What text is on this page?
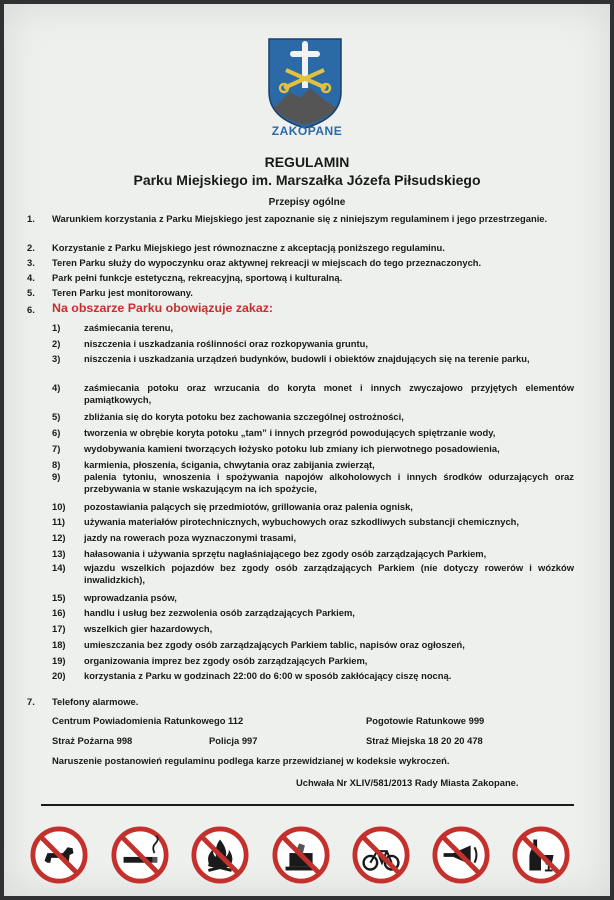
ZAKOPANE
REGULAMIN
Parku Miejskiego im. Marszałka Józefa Piłsudskiego
Przepisy ogólne
1. Warunkiem korzystania z Parku Miejskiego jest zapoznanie się z niniejszym regulaminem i jego przestrzeganie.
2. Korzystanie z Parku Miejskiego jest równoznaczne z akceptacją poniższego regulaminu.
3. Teren Parku służy do wypoczynku oraz aktywnej rekreacji w miejscach do tego przeznaczonych.
4. Park pełni funkcje estetyczną, rekreacyjną, sportową i kulturalną.
5. Teren Parku jest monitorowany.
6. Na obszarze Parku obowiązuje zakaz:
1)	zaśmiecania terenu,
2)	niszczenia i uszkadzania roślinności oraz rozkopywania gruntu,
3)	niszczenia i uszkadzania urządzeń budynków, budowli i obiektów znajdujących się na terenie parku,
4)	zaśmiecania potoku oraz wrzucania do koryta monet i innych zwyczajowo przyjętych elementów pamiątkowych,
5)	zbliżania się do koryta potoku bez zachowania szczególnej ostrożności,
6)	tworzenia w obrębie koryta potoku „tam” i innych przegród powodujących spiętrzanie wody,
7)	wydobywania kamieni tworzących łożysko potoku lub zmiany ich pierwotnego posadowienia,
8)	karmienia, płoszenia, ścigania, chwytania oraz zabijania zwierząt,
9)	palenia tytoniu, wnoszenia i spożywania napojów alkoholowych i innych środków odurzających oraz przebywania w stanie wskazującym na ich spożycie,
10) pozostawiania palących się przedmiotów, grillowania oraz palenia ognisk,
11) używania materiałów pirotechnicznych, wybuchowych oraz szkodliwych substancji chemicznych,
12) jazdy na rowerach poza wyznaczonymi trasami,
13) hałasowania i używania sprzętu nagłaśniającego bez zgody osób zarządzających Parkiem,
14) wjazdu wszelkich pojazdów bez zgody osób zarządzających Parkiem (nie dotyczy rowerów i wózków inwalidzkich),
15) wprowadzania psów,
16) handlu i usług bez zezwolenia osób zarządzających Parkiem,
17) wszelkich gier hazardowych,
18) umieszczania bez zgody osób zarządzających Parkiem tablic, napisów oraz ogłoszeń,
19) organizowania imprez bez zgody osób zarządzających Parkiem,
20) korzystania z Parku w godzinach 22:00 do 6:00 w sposób zakłócający ciszę nocną.
7. Telefony alarmowe.
Centrum Powiadomienia Ratunkowego 112	Pogotowie Ratunkowe 999
Straż Pożarna 998	Policja 997	Straż Miejska 18 20 20 478
Naruszenie postanowień regulaminu podlega karze przewidzianej w kodeksie wykroczeń.
Uchwała Nr XLIV/581/2013 Rady Miasta Zakopane.
